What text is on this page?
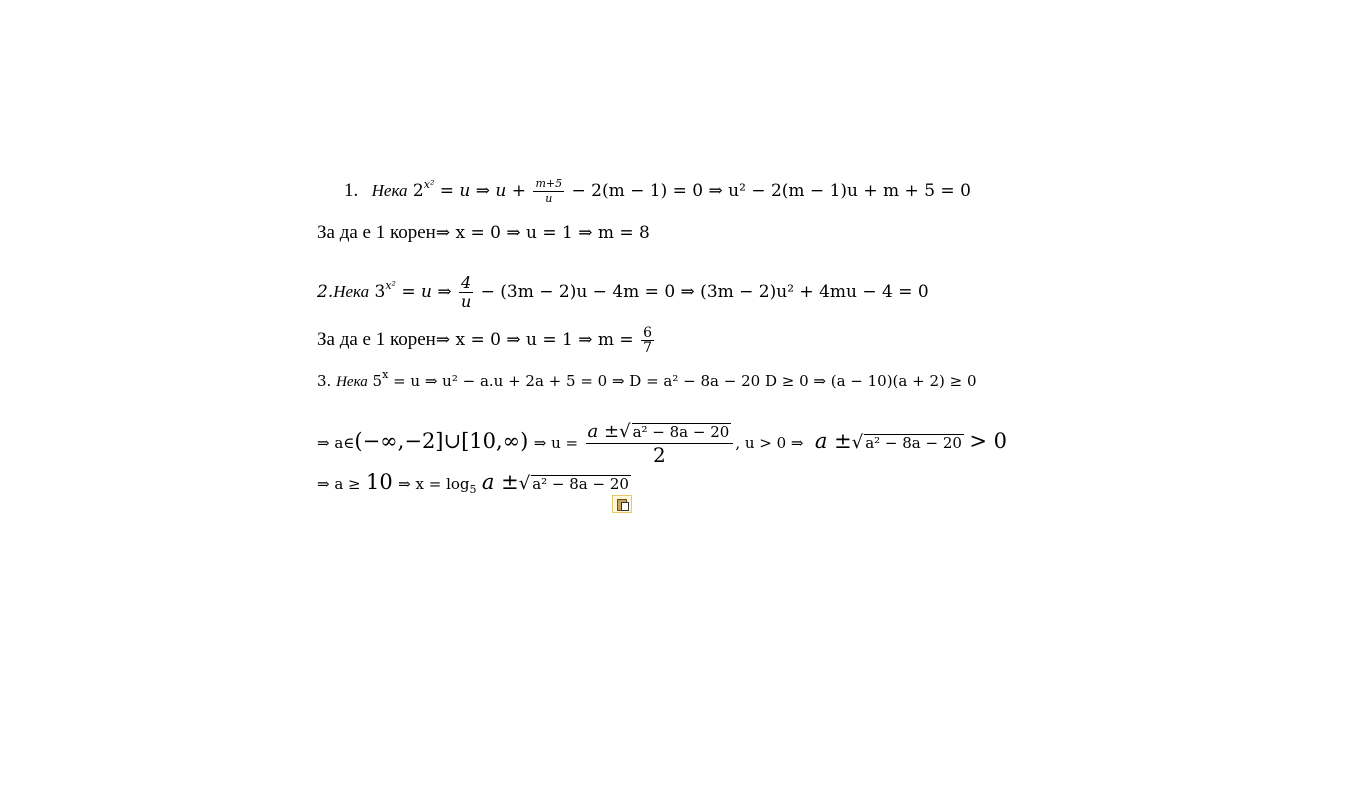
1. Нека $2^{x^2} = u$ ⇒ $u + \frac{m+5}{u} - 2(m - 1) = 0$ ⇒ u² − 2(m − 1)u + m + 5 = 0
За да е 1 корен⇒ x = 0 ⇒ u = 1 ⇒ m = 8
2.Нека $3^{x^2} = u$ ⇒ $\frac{4}{u} - (3m - 2)u - 4m = 0$ ⇒ (3m − 2)u² + 4mu − 4 = 0
За да е 1 корен⇒ x = 0 ⇒ u = 1 ⇒ $m = \frac{6}{7}$
3. Нека $5^x = u$ ⇒ u² − a.u + 2a + 5 = 0 ⇒ D = a² − 8a − 20 D ≥ 0 ⇒ (a − 10)(a + 2) ≥ 0
⇒ a∈(−∞,−2]∪[10,∞) ⇒ $u = \frac{\text{a ±√ a² − 8a − 20}}{2}$ , u > 0 ⇒ a ±√ a² − 8a − 20 > 0
⇒ a ≥ 10 ⇒ $x = \log_5 a$ ±√ a² − 8a − 20
